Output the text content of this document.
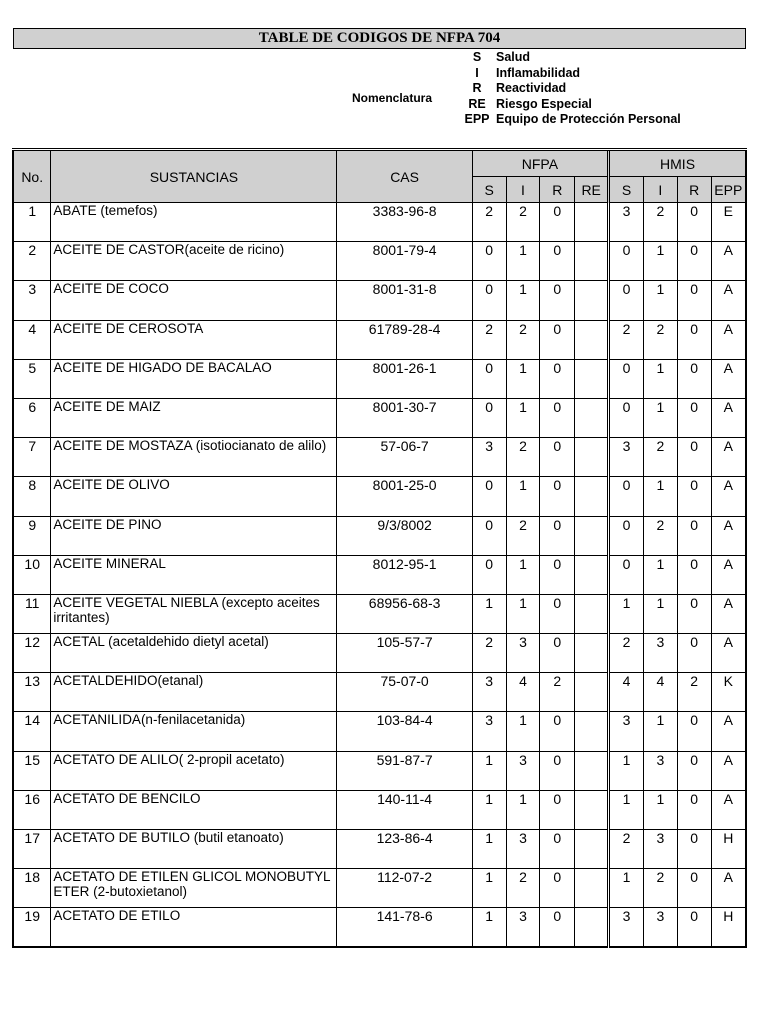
TABLE DE CODIGOS DE NFPA 704
Nomenclatura
S	Salud
I	Inflamabilidad
R	Reactividad
RE Riesgo Especial
EPP Equipo de Protección Personal
No.	SUSTANCIAS	CAS	NFPA				HMIS			
			S	I	R	RE	S	I	R	EPP
1	ABATE (temefos)	3383-96-8	2	2	0		3	2	0	E
2	ACEITE DE CASTOR(aceite de ricino)	8001-79-4	0	1	0		0	1	0	A
3	ACEITE DE COCO	8001-31-8	0	1	0		0	1	0	A
4	ACEITE DE CEROSOTA	61789-28-4	2	2	0		2	2	0	A
5	ACEITE DE HIGADO DE BACALAO	8001-26-1	0	1	0		0	1	0	A
6	ACEITE DE MAIZ	8001-30-7	0	1	0		0	1	0	A
7	ACEITE DE MOSTAZA (isotiocianato de alilo)	57-06-7	3	2	0		3	2	0	A
8	ACEITE DE OLIVO	8001-25-0	0	1	0		0	1	0	A
9	ACEITE DE PINO	9/3/8002	0	2	0		0	2	0	A
10	ACEITE MINERAL	8012-95-1	0	1	0		0	1	0	A
11	ACEITE VEGETAL NIEBLA (excepto aceites irritantes)	68956-68-3	1	1	0		1	1	0	A
12	ACETAL (acetaldehido dietyl acetal)	105-57-7	2	3	0		2	3	0	A
13	ACETALDEHIDO(etanal)	75-07-0	3	4	2		4	4	2	K
14	ACETANILIDA(n-fenilacetanida)	103-84-4	3	1	0		3	1	0	A
15	ACETATO DE ALILO( 2-propil acetato)	591-87-7	1	3	0		1	3	0	A
16	ACETATO DE BENCILO	140-11-4	1	1	0		1	1	0	A
17	ACETATO DE BUTILO (butil etanoato)	123-86-4	1	3	0		2	3	0	H
18	ACETATO DE ETILEN GLICOL MONOBUTYL ETER (2-butoxietanol)	112-07-2	1	2	0		1	2	0	A
19	ACETATO DE ETILO	141-78-6	1	3	0		3	3	0	H
